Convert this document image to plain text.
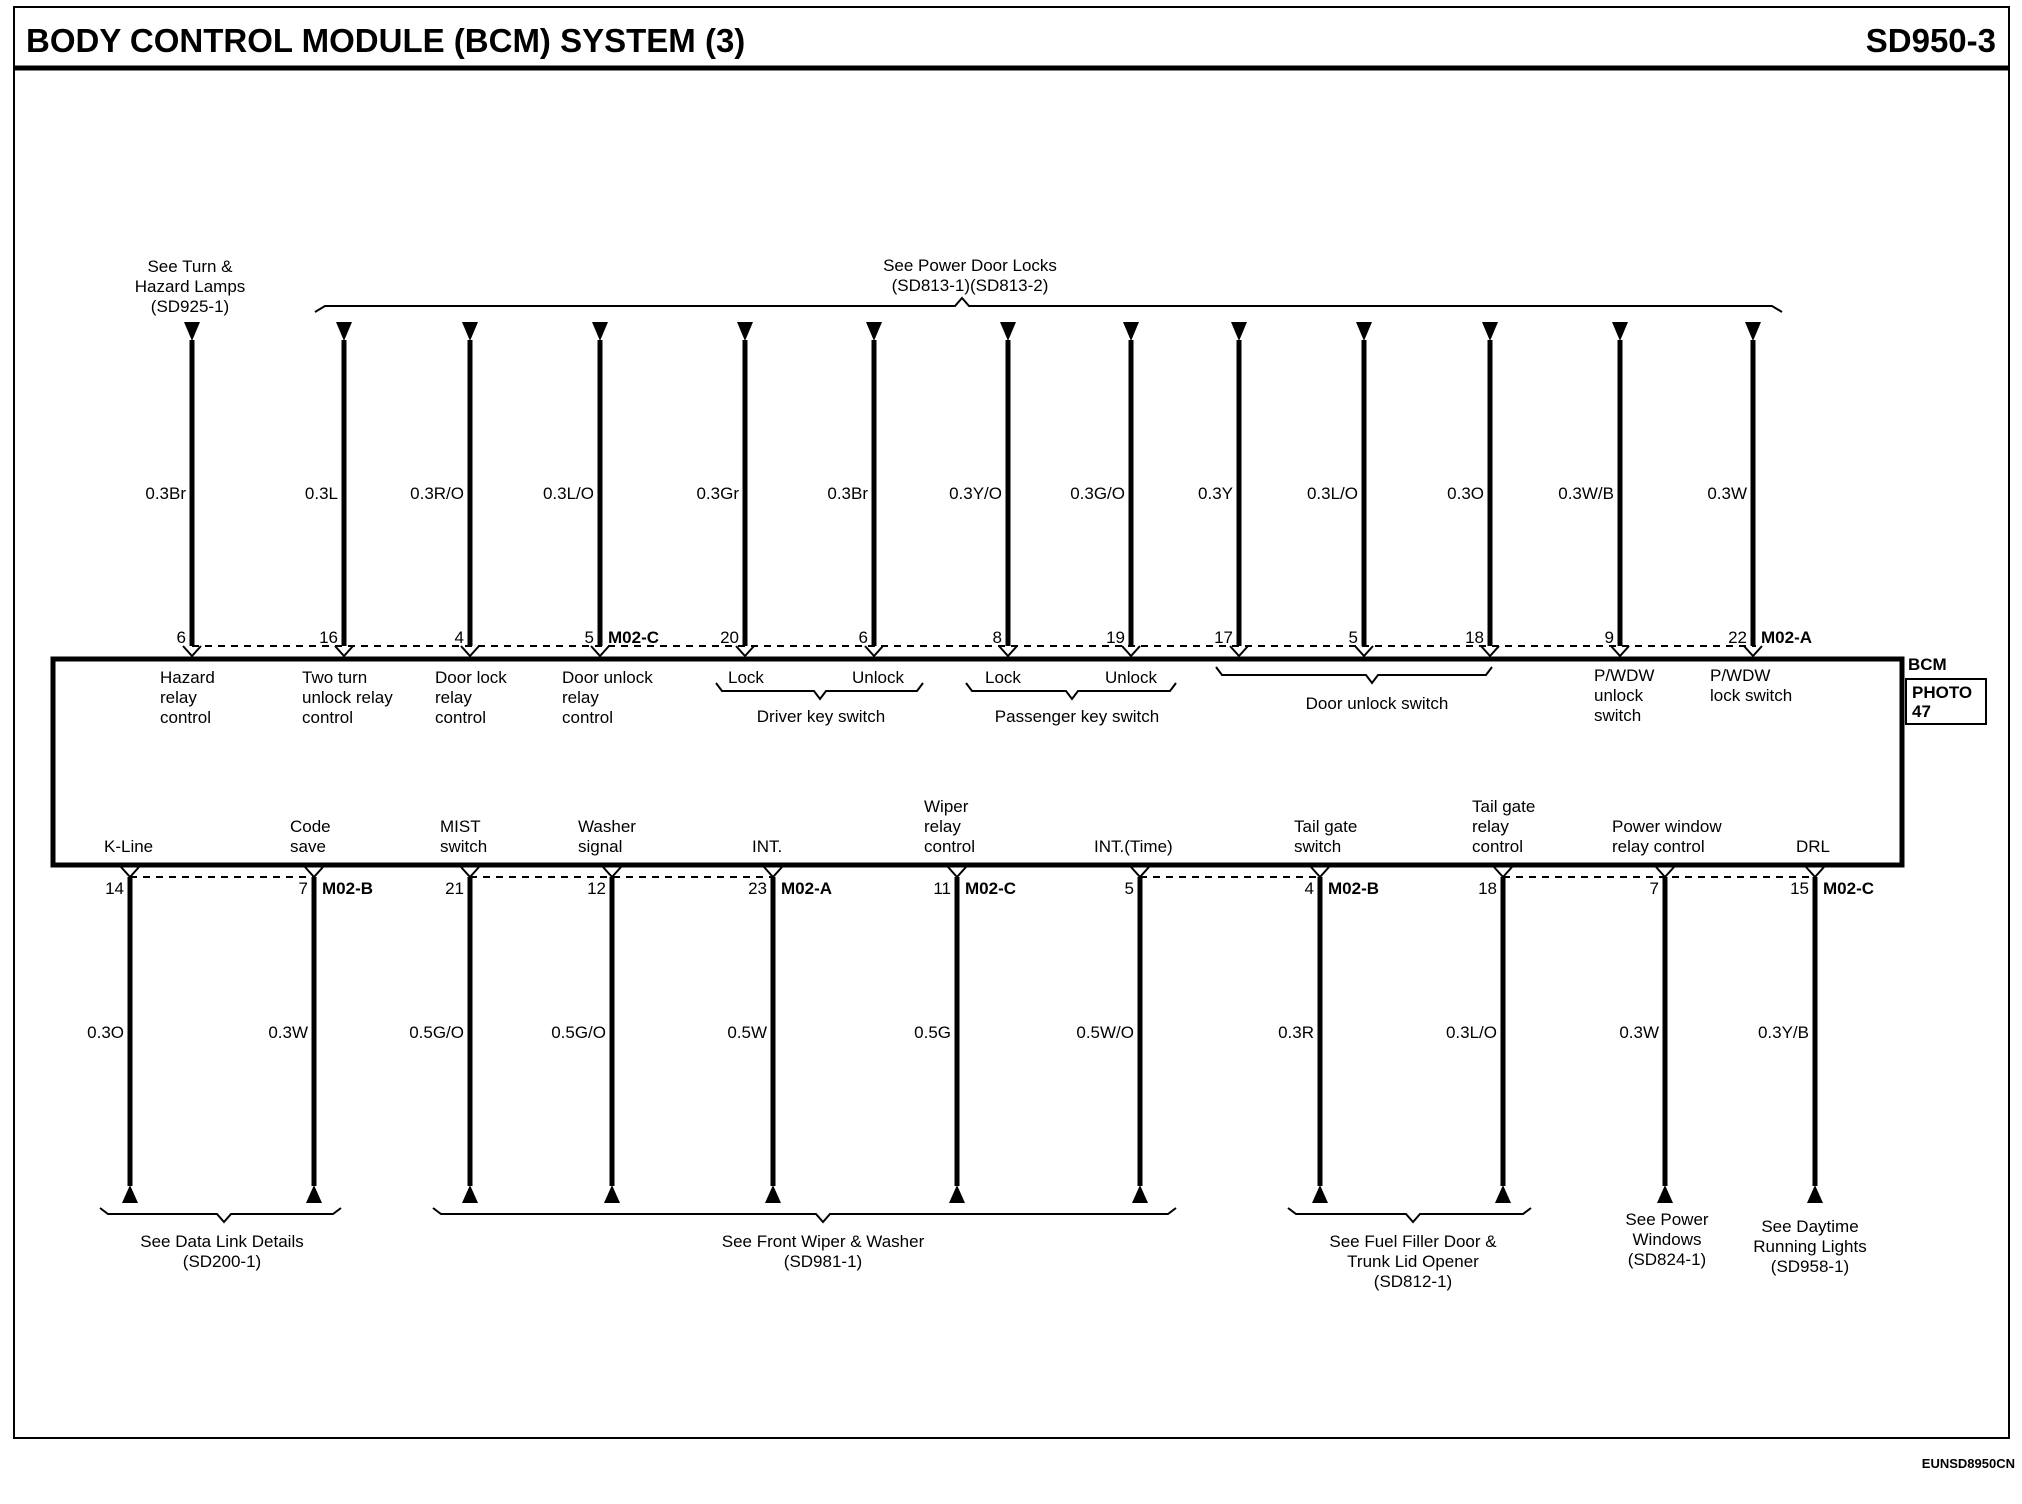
BODY CONTROL MODULE (BCM) SYSTEM (3)	SD950-3
BCM
PHOTO
47
0.3Br
6
0.3L
16
0.3R/O
4
0.3L/O
5 M02-C
0.3Gr
20
0.3Br
6
0.3Y/O
8
0.3G/O
19
0.3Y
17
0.3L/O
5
0.3O
18
0.3W/B
9
0.3W
22 M02-A
0.3O
14
0.3W
7 M02-B
0.5G/O
21
0.5G/O
12
0.5W
23 M02-A
0.5G
11 M02-C
0.5W/O
5
0.3R
4 M02-B
0.3L/O
18
0.3W
7
0.3Y/B
15 M02-C
See Turn &
Hazard Lamps
(SD925-1)
See Power Door Locks
(SD813-1)(SD813-2)
Hazard
relay
control
Two turn
unlock relay
control
Door lock
relay
control
Door unlock
relay
control
Lock	Unlock
Driver key switch
Lock	Unlock
Passenger key switch
Door unlock switch
P/WDW
unlock
switch
P/WDW
lock switch
K-Line
Code
save
MIST
switch
Washer
signal	INT.
Wiper
relay
control	INT.(Time)
Tail gate
switch
Tail gate
relay
control
Power window
relay control	DRL
See Data Link Details
(SD200-1)
See Front Wiper & Washer
(SD981-1)
See Fuel Filler Door &
Trunk Lid Opener
(SD812-1)
See Power
Windows
(SD824-1)
See Daytime
Running Lights
(SD958-1)
EUNSD8950CN
